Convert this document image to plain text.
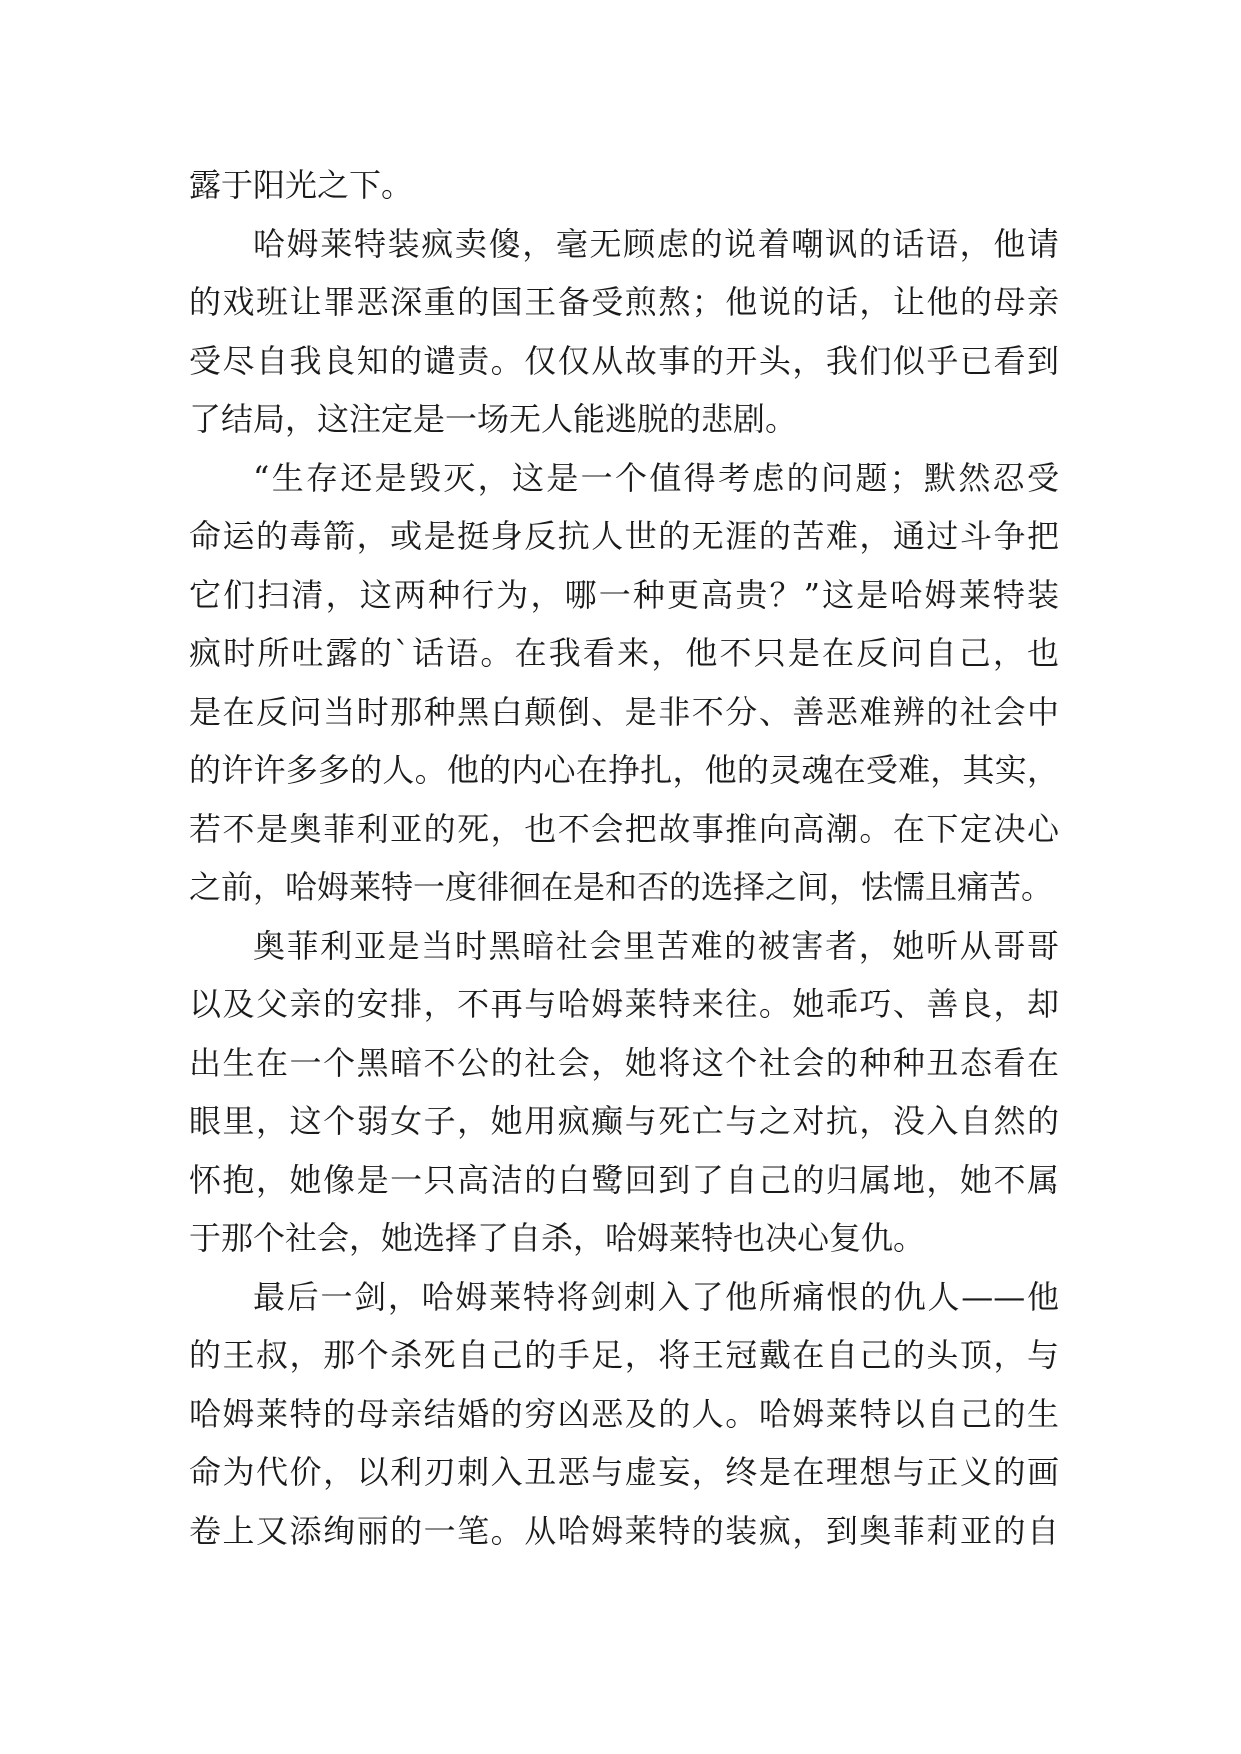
露于阳光之下。
哈姆莱特装疯卖傻，毫无顾虑的说着嘲讽的话语，他请
的戏班让罪恶深重的国王备受煎熬；他说的话，让他的母亲
受尽自我良知的谴责。仅仅从故事的开头，我们似乎已看到
了结局，这注定是一场无人能逃脱的悲剧。
“生存还是毁灭，这是一个值得考虑的问题；默然忍受
命运的毒箭，或是挺身反抗人世的无涯的苦难，通过斗争把
它们扫清，这两种行为，哪一种更高贵？”这是哈姆莱特装
疯时所吐露的`话语。在我看来，他不只是在反问自己，也
是在反问当时那种黑白颠倒、是非不分、善恶难辨的社会中
的许许多多的人。他的内心在挣扎，他的灵魂在受难，其实，
若不是奥菲利亚的死，也不会把故事推向高潮。在下定决心
之前，哈姆莱特一度徘徊在是和否的选择之间，怯懦且痛苦。
奥菲利亚是当时黑暗社会里苦难的被害者，她听从哥哥
以及父亲的安排，不再与哈姆莱特来往。她乖巧、善良，却
出生在一个黑暗不公的社会，她将这个社会的种种丑态看在
眼里，这个弱女子，她用疯癫与死亡与之对抗，没入自然的
怀抱，她像是一只高洁的白鹭回到了自己的归属地，她不属
于那个社会，她选择了自杀，哈姆莱特也决心复仇。
最后一剑，哈姆莱特将剑刺入了他所痛恨的仇人——他
的王叔，那个杀死自己的手足，将王冠戴在自己的头顶，与
哈姆莱特的母亲结婚的穷凶恶及的人。哈姆莱特以自己的生
命为代价，以利刃刺入丑恶与虚妄，终是在理想与正义的画
卷上又添绚丽的一笔。从哈姆莱特的装疯，到奥菲莉亚的自
